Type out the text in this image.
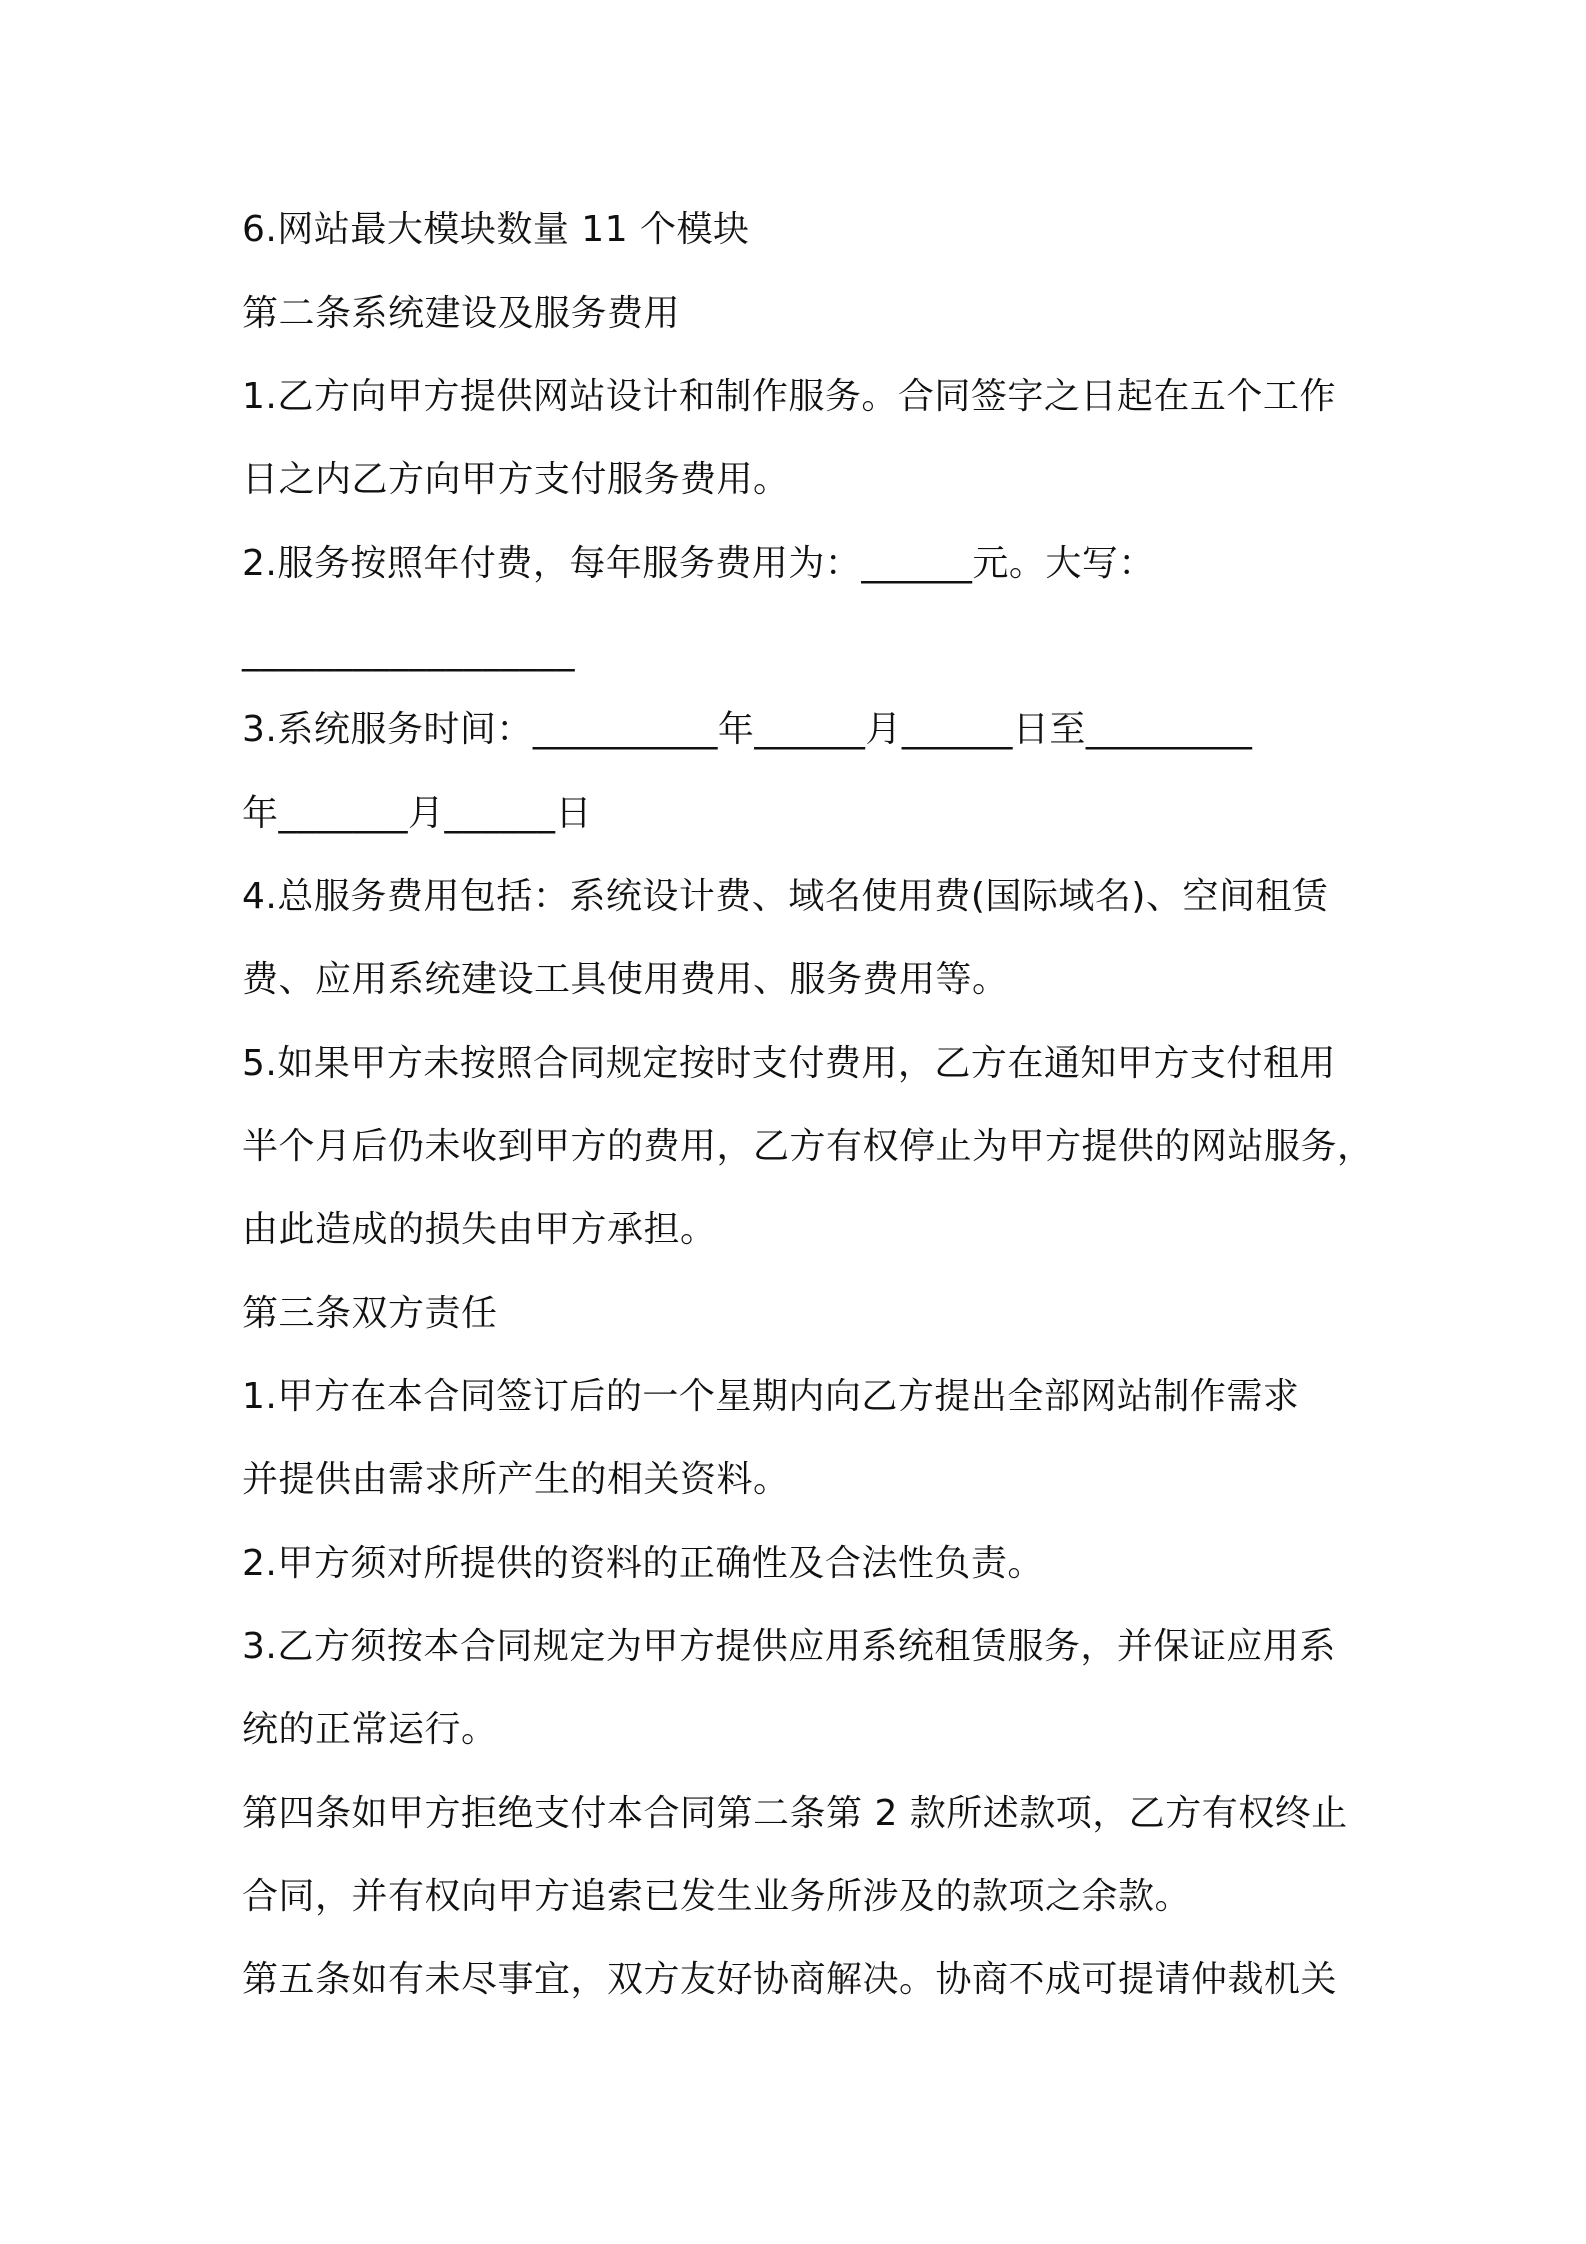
6.网站最大模块数量 11 个模块
第二条系统建设及服务费用
1.乙方向甲方提供网站设计和制作服务。合同签字之日起在五个工作
日之内乙方向甲方支付服务费用。
2.服务按照年付费，每年服务费用为：______元。大写：
__________________
3.系统服务时间：__________年______月______日至_________
年_______月______日
4.总服务费用包括：系统设计费、域名使用费(国际域名)、空间租赁
费、应用系统建设工具使用费用、服务费用等。
5.如果甲方未按照合同规定按时支付费用，乙方在通知甲方支付租用
半个月后仍未收到甲方的费用，乙方有权停止为甲方提供的网站服务，
由此造成的损失由甲方承担。
第三条双方责任
1.甲方在本合同签订后的一个星期内向乙方提出全部网站制作需求
并提供由需求所产生的相关资料。
2.甲方须对所提供的资料的正确性及合法性负责。
3.乙方须按本合同规定为甲方提供应用系统租赁服务，并保证应用系
统的正常运行。
第四条如甲方拒绝支付本合同第二条第 2 款所述款项，乙方有权终止
合同，并有权向甲方追索已发生业务所涉及的款项之余款。
第五条如有未尽事宜，双方友好协商解决。协商不成可提请仲裁机关
